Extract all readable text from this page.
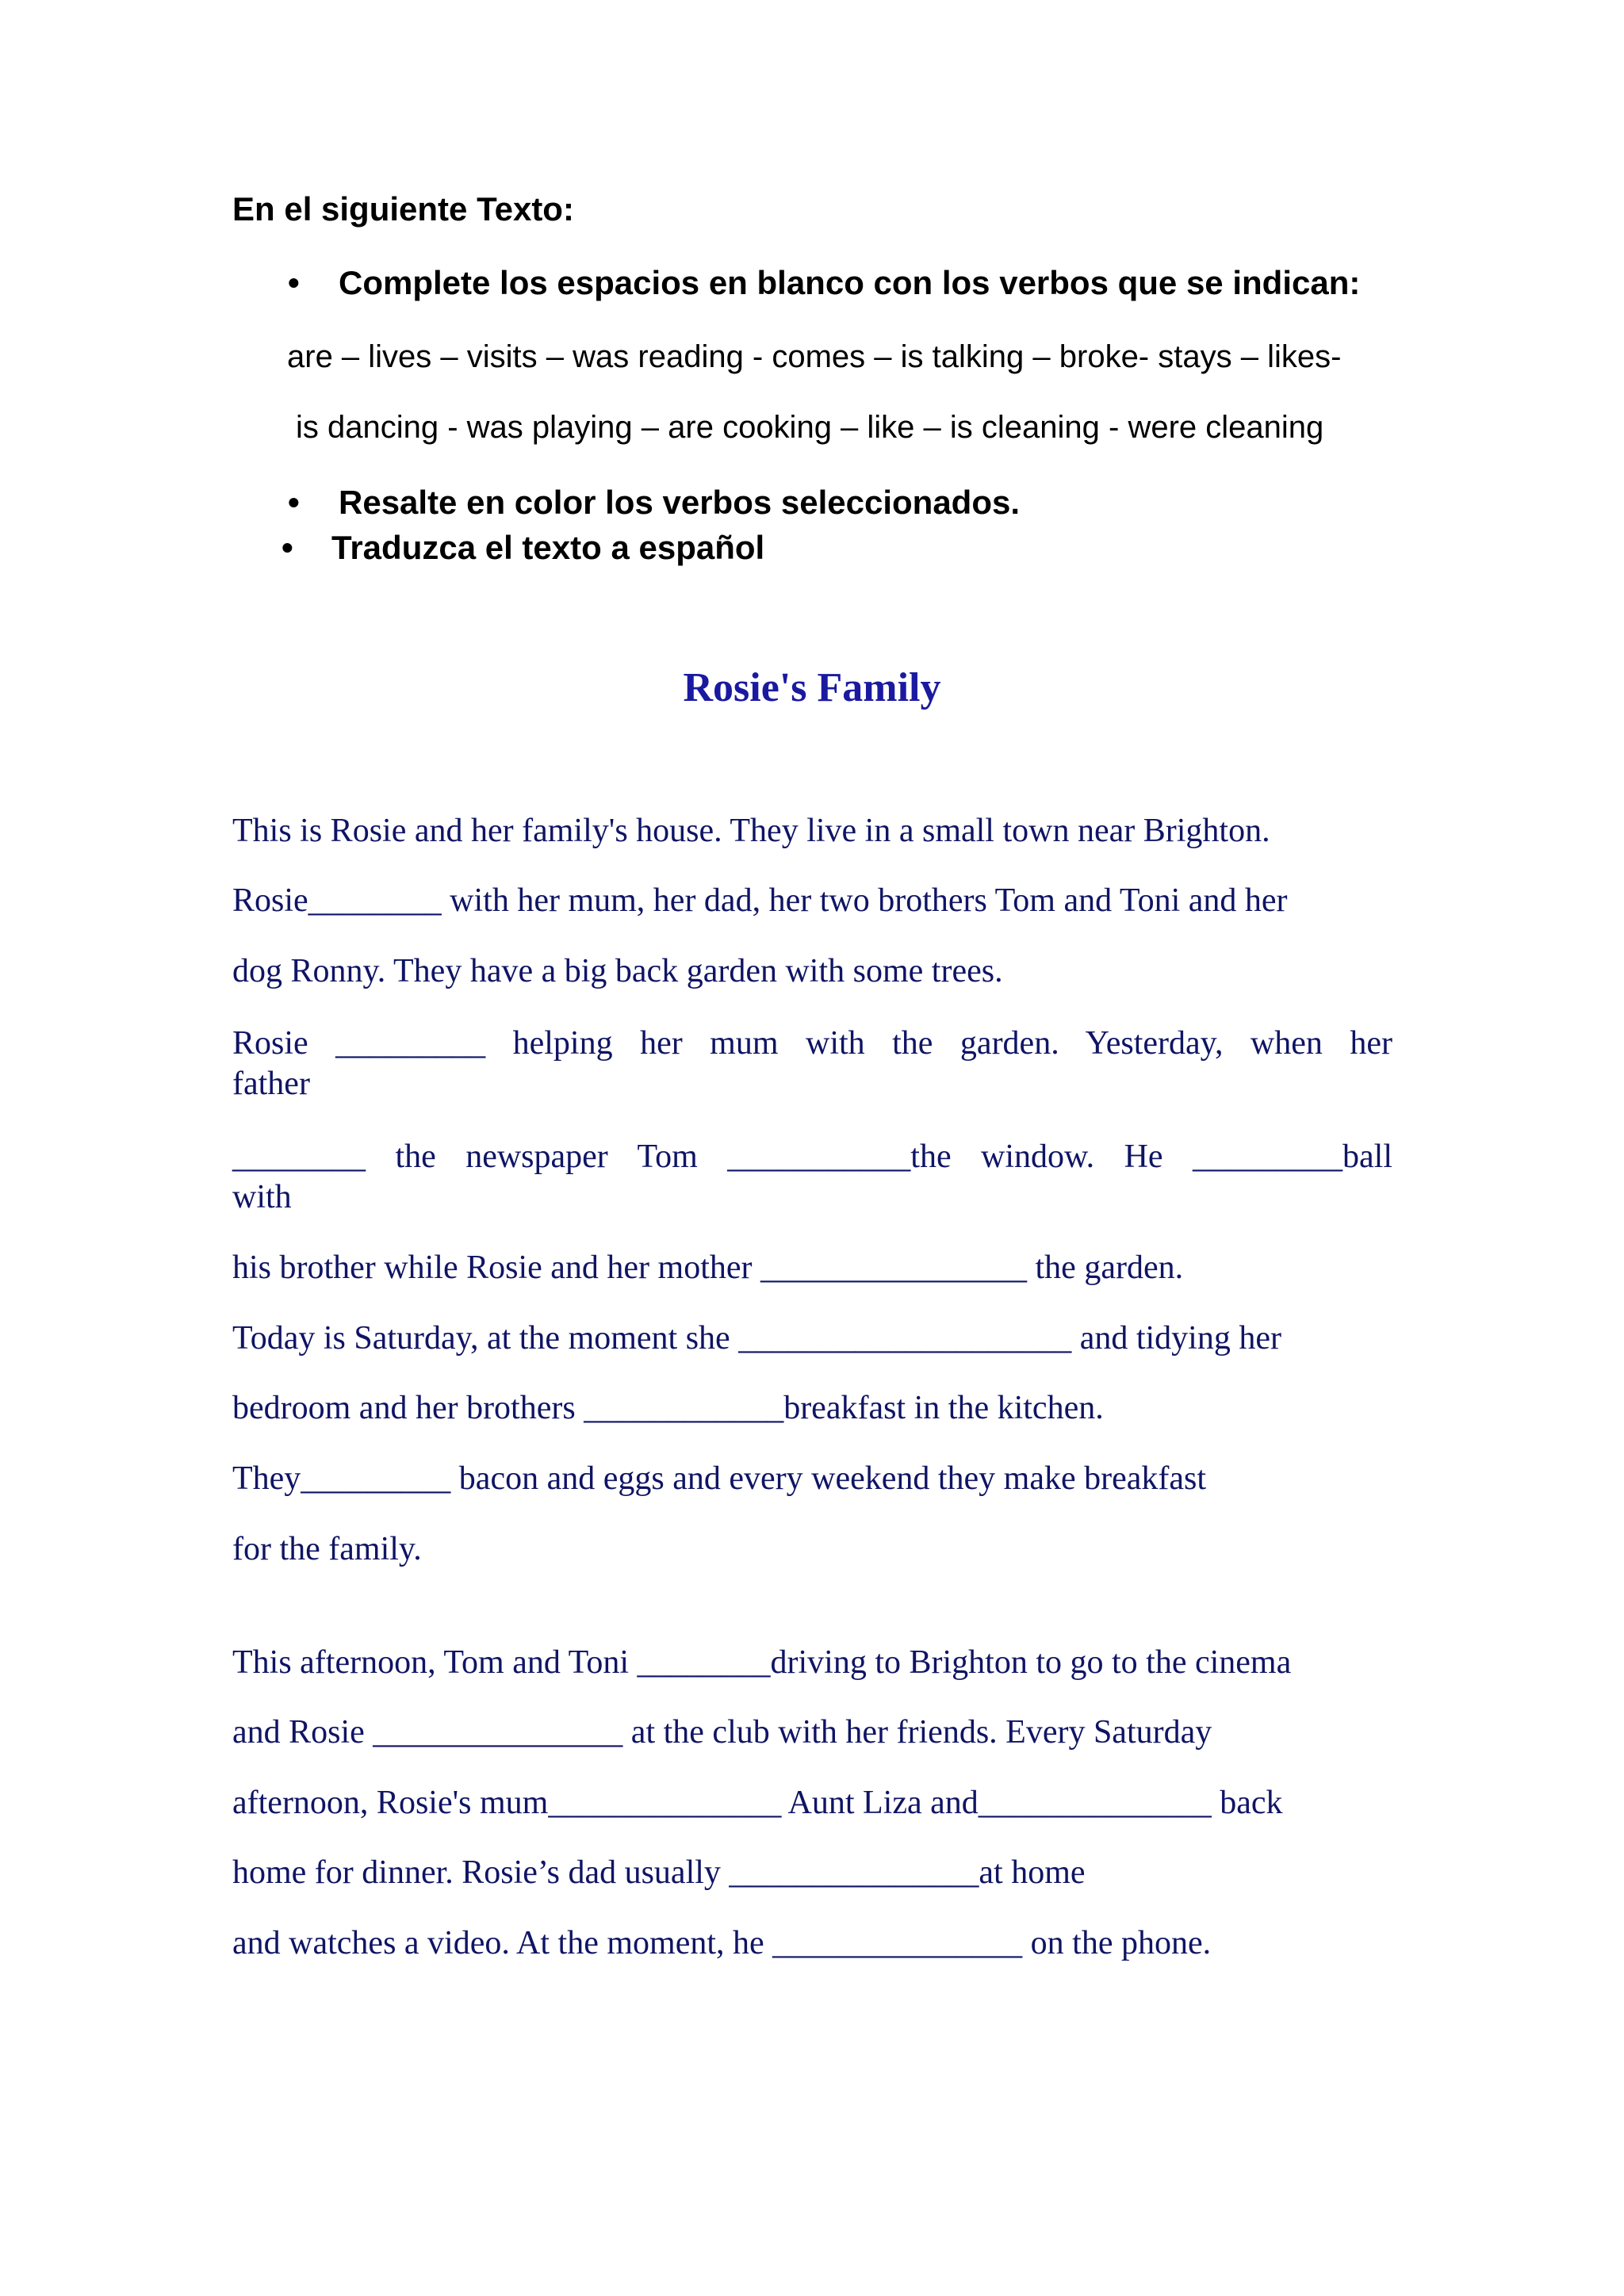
En el siguiente Texto:
• Complete los espacios en blanco con los verbos que se indican:
are – lives – visits – was reading - comes – is talking – broke- stays – likes-
is dancing - was playing – are cooking – like – is cleaning - were cleaning
• Resalte en color los verbos seleccionados.
• Traduzca el texto a español
Rosie's Family
This is Rosie and her family's house. They live in a small town near Brighton.
Rosie________ with her mum, her dad, her two brothers Tom and Toni and her
dog Ronny. They have a big back garden with some trees.
Rosie _________ helping her mum with the garden. Yesterday, when her
father
________ the newspaper Tom ___________the window. He _________ball
with
his brother while Rosie and her mother ________________ the garden.
Today is Saturday, at the moment she ____________________ and tidying her
bedroom and her brothers ____________breakfast in the kitchen.
They_________ bacon and eggs and every weekend they make breakfast
for the family.
This afternoon, Tom and Toni ________driving to Brighton to go to the cinema
and Rosie _______________ at the club with her friends. Every Saturday
afternoon, Rosie's mum______________ Aunt Liza and______________ back
home for dinner. Rosie’s dad usually _______________at home
and watches a video. At the moment, he _______________ on the phone.
